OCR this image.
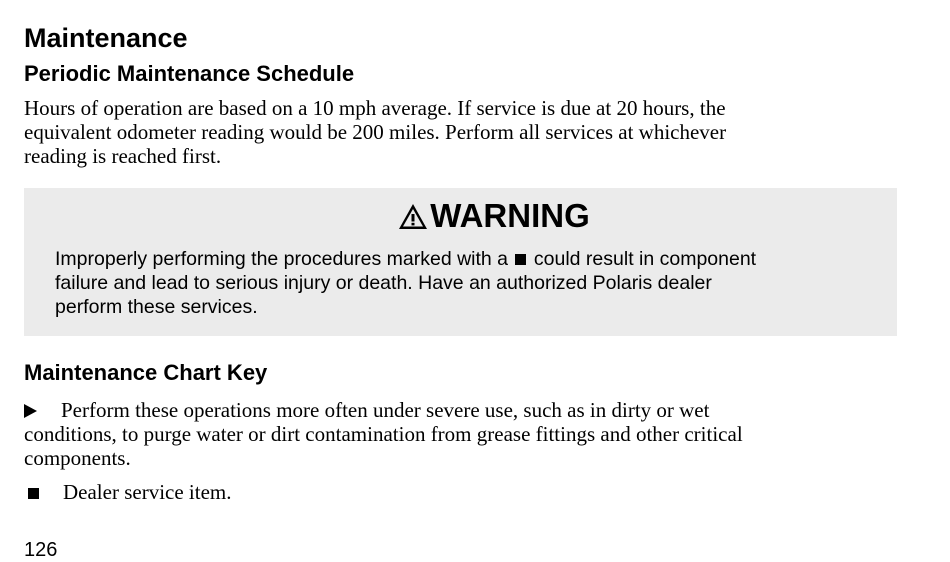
Maintenance
Periodic Maintenance Schedule
Hours of operation are based on a 10 mph average. If service is due at 20 hours, the
equivalent odometer reading would be 200 miles. Perform all services at whichever
reading is reached first.
WARNING
Improperly performing the procedures marked with a could result in component
failure and lead to serious injury or death. Have an authorized Polaris dealer
perform these services.
Maintenance Chart Key
Perform these operations more often under severe use, such as in dirty or wet
conditions, to purge water or dirt contamination from grease fittings and other critical
components.
Dealer service item.
126
